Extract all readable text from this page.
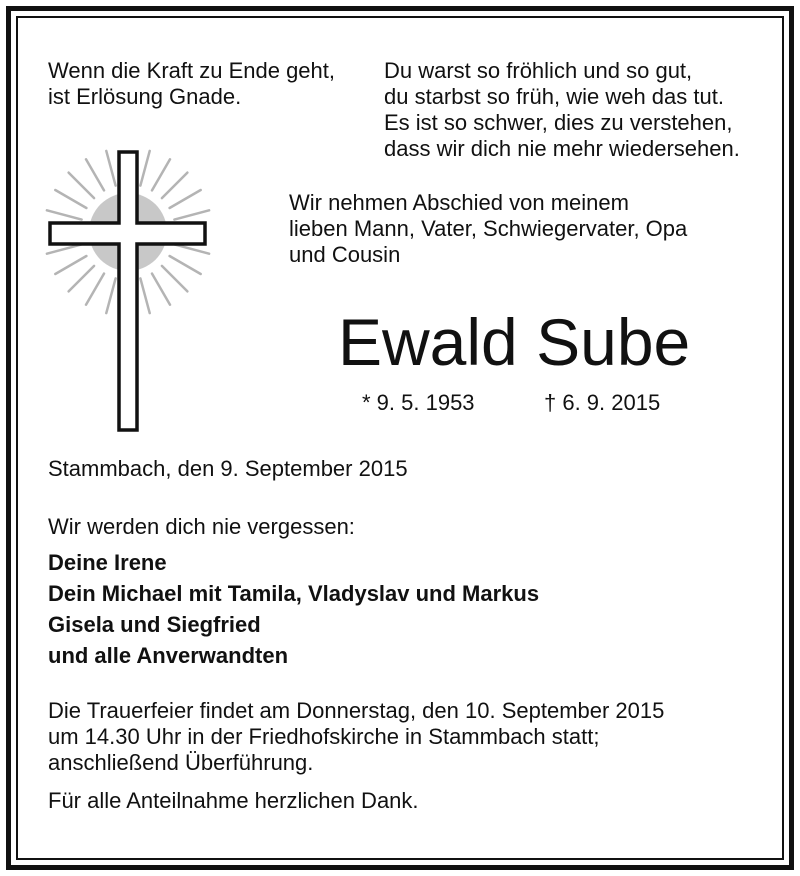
Wenn die Kraft zu Ende geht,
ist Erlösung Gnade.
Du warst so fröhlich und so gut,
du starbst so früh, wie weh das tut.
Es ist so schwer, dies zu verstehen,
dass wir dich nie mehr wiedersehen.
Wir nehmen Abschied von meinem
lieben Mann, Vater, Schwiegervater, Opa
und Cousin
Ewald Sube
* 9. 5. 1953	† 6. 9. 2015
Stammbach, den 9. September 2015
Wir werden dich nie vergessen:
Deine Irene
Dein Michael mit Tamila, Vladyslav und Markus
Gisela und Siegfried
und alle Anverwandten
Die Trauerfeier findet am Donnerstag, den 10. September 2015
um 14.30 Uhr in der Friedhofskirche in Stammbach statt;
anschließend Überführung.
Für alle Anteilnahme herzlichen Dank.
